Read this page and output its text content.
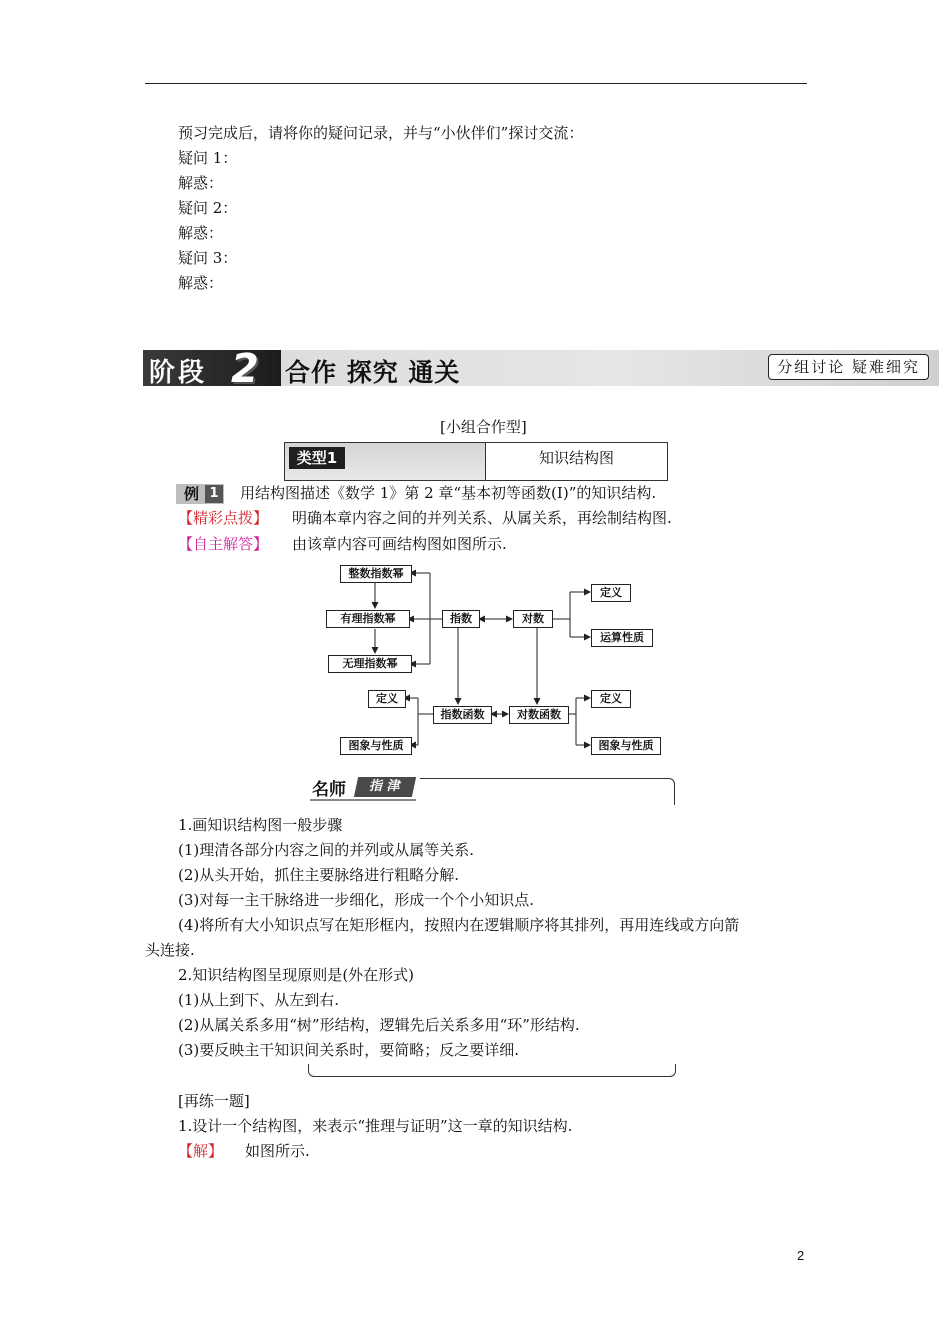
预习完成后，请将你的疑问记录，并与“小伙伴们”探讨交流：
疑问 1：
解惑：
疑问 2：
解惑：
疑问 3：
解惑：
阶段 2 合作 探究 通关	分组讨论 疑难细究
[小组合作型]
类型1	知识结构图
例 1 用结构图描述《数学 1》第 2 章“基本初等函数(Ⅰ)”的知识结构.
【精彩点拨】 明确本章内容之间的并列关系、从属关系，再绘制结构图.
【自主解答】 由该章内容可画结构图如图所示.
整数指数幂
有理指数幂
无理指数幂
指数	对数
定义
运算性质
定义
图象与性质
指数函数	对数函数
定义
图象与性质
名师	指 津
1.画知识结构图一般步骤
(1)理清各部分内容之间的并列或从属等关系.
(2)从头开始，抓住主要脉络进行粗略分解.
(3)对每一主干脉络进一步细化，形成一个个小知识点.
(4)将所有大小知识点写在矩形框内，按照内在逻辑顺序将其排列，再用连线或方向箭
头连接.
2.知识结构图呈现原则是(外在形式)
(1)从上到下、从左到右.
(2)从属关系多用“树”形结构，逻辑先后关系多用“环”形结构.
(3)要反映主干知识间关系时，要简略；反之要详细.
[再练一题]
1.设计一个结构图，来表示“推理与证明”这一章的知识结构.
【解】 如图所示.
2
